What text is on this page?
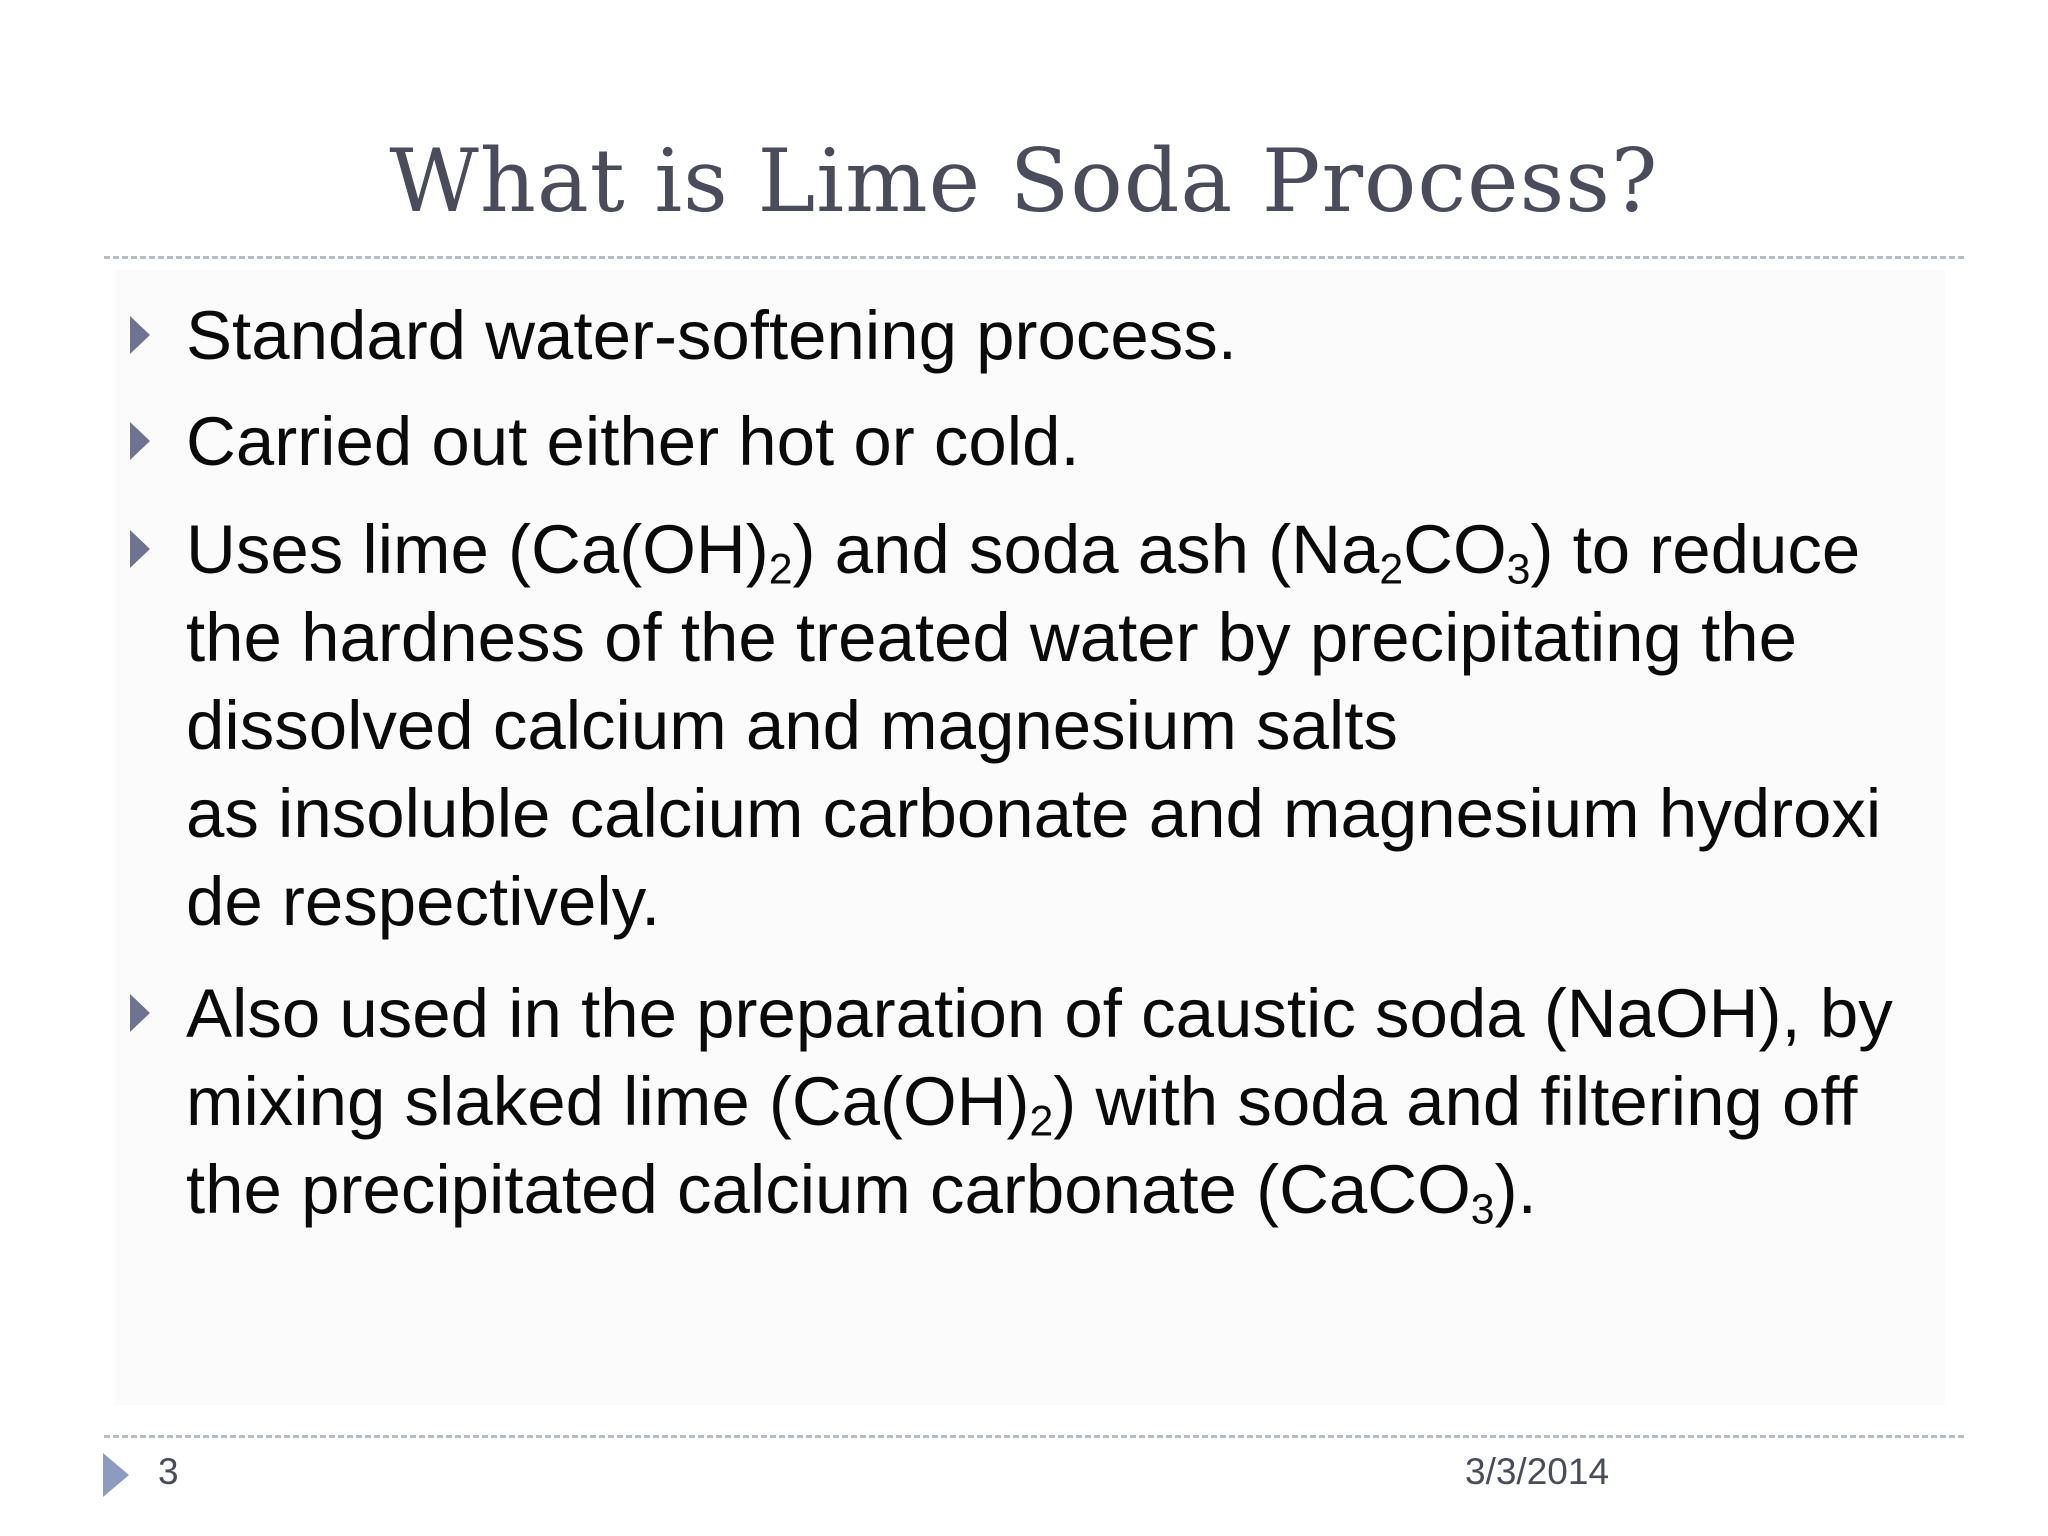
What is Lime Soda Process?
Standard water-softening process.
Carried out either hot or cold.
Uses lime $(Ca(OH)_2)$ and soda ash $(Na_2CO_3)$ to reduce
the hardness of the treated water by precipitating the
dissolved calcium and magnesium salts
as insoluble calcium carbonate and magnesium hydroxi
de respectively.
Also used in the preparation of caustic soda (NaOH), by
mixing slaked lime $(Ca(OH)_2)$ with soda and filtering off
the precipitated calcium carbonate (CaCO$_3$).
3	3/3/2014
